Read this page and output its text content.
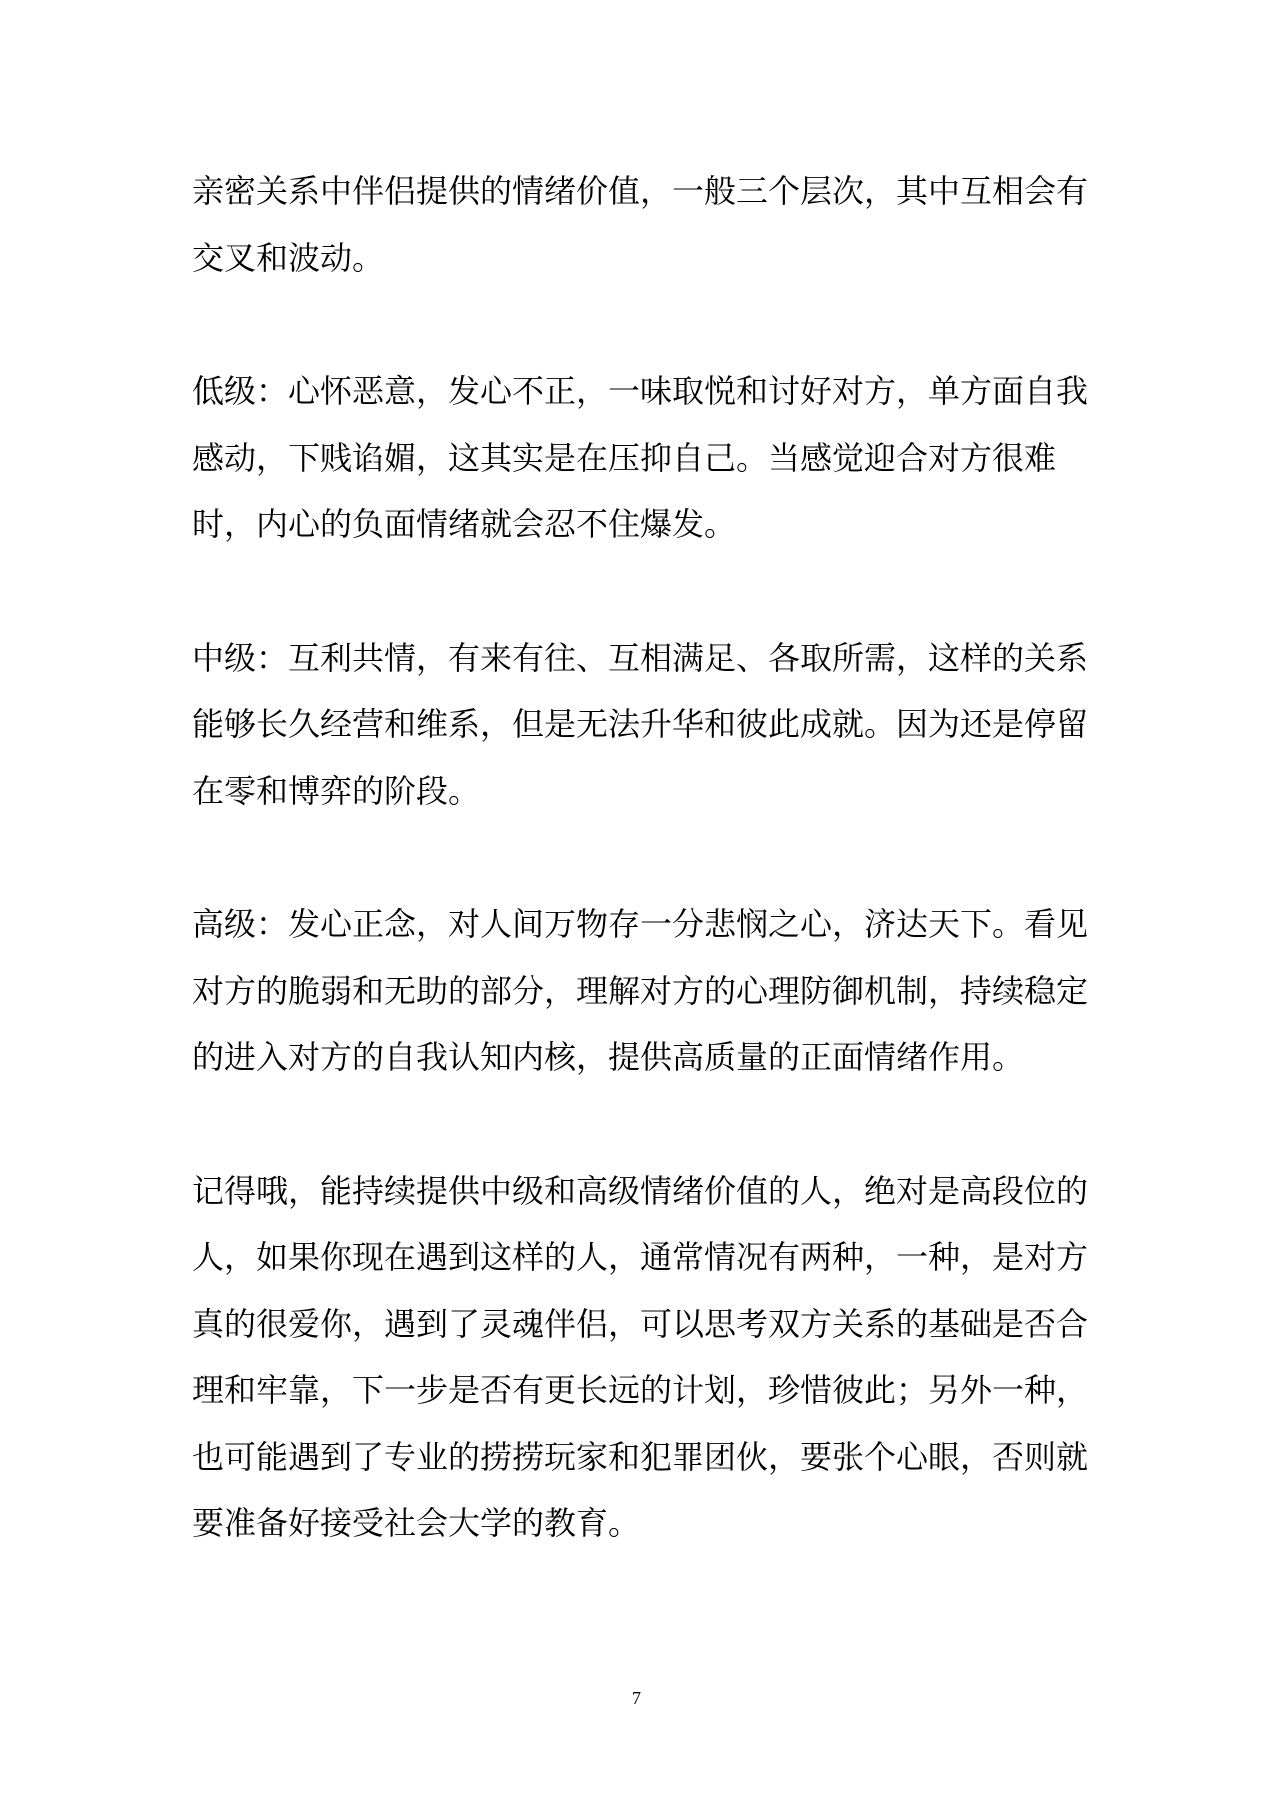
亲密关系中伴侣提供的情绪价值，一般三个层次，其中互相会有交叉和波动。

低级：心怀恶意，发心不正，一味取悦和讨好对方，单方面自我感动，下贱谄媚，这其实是在压抑自己。当感觉迎合对方很难时，内心的负面情绪就会忍不住爆发。

中级：互利共情，有来有往、互相满足、各取所需，这样的关系能够长久经营和维系，但是无法升华和彼此成就。因为还是停留在零和博弈的阶段。

高级：发心正念，对人间万物存一分悲悯之心，济达天下。看见对方的脆弱和无助的部分，理解对方的心理防御机制，持续稳定的进入对方的自我认知内核，提供高质量的正面情绪作用。

记得哦，能持续提供中级和高级情绪价值的人，绝对是高段位的人，如果你现在遇到这样的人，通常情况有两种，一种，是对方真的很爱你，遇到了灵魂伴侣，可以思考双方关系的基础是否合理和牢靠，下一步是否有更长远的计划，珍惜彼此；另外一种，也可能遇到了专业的捞捞玩家和犯罪团伙，要张个心眼，否则就要准备好接受社会大学的教育。

7
